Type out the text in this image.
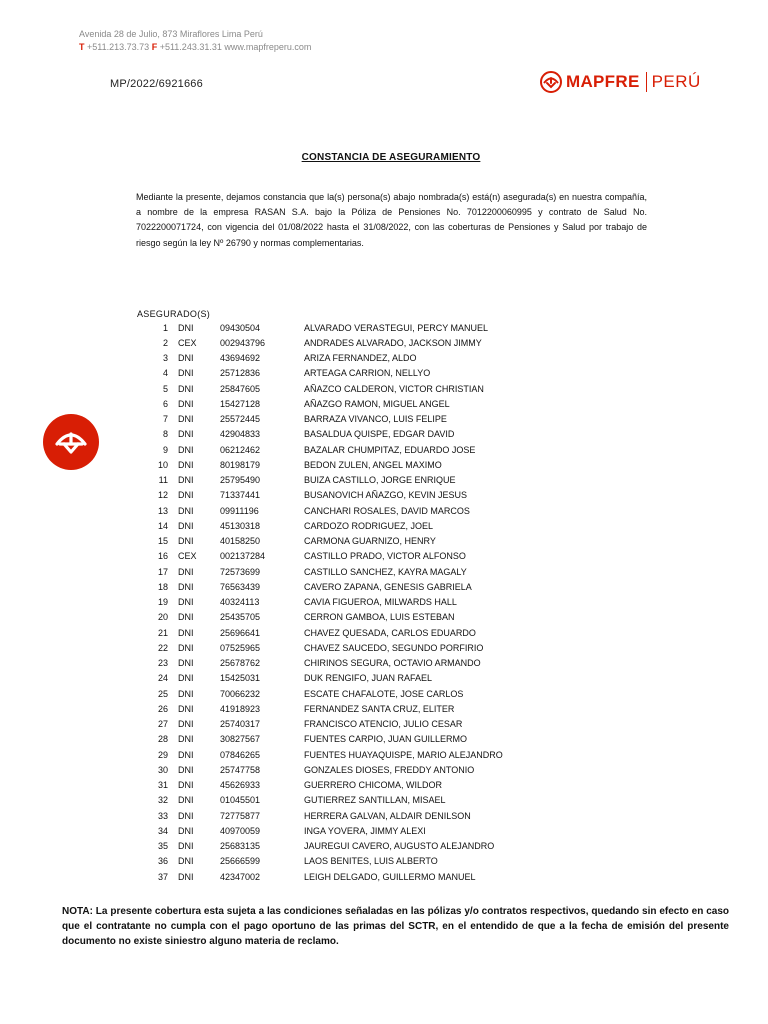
Avenida 28 de Julio, 873 Miraflores Lima Perú
T +511.213.73.73 F +511.243.31.31 www.mapfreperu.com
MP/2022/6921666	MAPFRE PERÚ
CONSTANCIA DE ASEGURAMIENTO
Mediante la presente, dejamos constancia que la(s) persona(s) abajo nombrada(s) está(n) asegurada(s) en nuestra compañía, a nombre de la empresa RASAN S.A. bajo la Póliza de Pensiones No. 7012200060995 y contrato de Salud No. 7022200071724, con vigencia del 01/08/2022 hasta el 31/08/2022, con las coberturas de Pensiones y Salud por trabajo de riesgo según la ley Nº 26790 y normas complementarias.
ASEGURADO(S)
1	DNI	09430504	ALVARADO VERASTEGUI, PERCY MANUEL
2	CEX	002943796	ANDRADES ALVARADO, JACKSON JIMMY
3	DNI	43694692	ARIZA FERNANDEZ, ALDO
4	DNI	25712836	ARTEAGA CARRION, NELLYO
5	DNI	25847605	AÑAZCO CALDERON, VICTOR CHRISTIAN
6	DNI	15427128	AÑAZGO RAMON, MIGUEL ANGEL
7	DNI	25572445	BARRAZA VIVANCO, LUIS FELIPE
8	DNI	42904833	BASALDUA QUISPE, EDGAR DAVID
9	DNI	06212462	BAZALAR CHUMPITAZ, EDUARDO JOSE
10	DNI	80198179	BEDON ZULEN, ANGEL MAXIMO
11	DNI	25795490	BUIZA CASTILLO, JORGE ENRIQUE
12	DNI	71337441	BUSANOVICH AÑAZGO, KEVIN JESUS
13	DNI	09911196	CANCHARI ROSALES, DAVID MARCOS
14	DNI	45130318	CARDOZO RODRIGUEZ, JOEL
15	DNI	40158250	CARMONA GUARNIZO, HENRY
16	CEX	002137284	CASTILLO PRADO, VICTOR ALFONSO
17	DNI	72573699	CASTILLO SANCHEZ, KAYRA MAGALY
18	DNI	76563439	CAVERO ZAPANA, GENESIS GABRIELA
19	DNI	40324113	CAVIA FIGUEROA, MILWARDS HALL
20	DNI	25435705	CERRON GAMBOA, LUIS ESTEBAN
21	DNI	25696641	CHAVEZ QUESADA, CARLOS EDUARDO
22	DNI	07525965	CHAVEZ SAUCEDO, SEGUNDO PORFIRIO
23	DNI	25678762	CHIRINOS SEGURA, OCTAVIO ARMANDO
24	DNI	15425031	DUK RENGIFO, JUAN RAFAEL
25	DNI	70066232	ESCATE CHAFALOTE, JOSE CARLOS
26	DNI	41918923	FERNANDEZ SANTA CRUZ, ELITER
27	DNI	25740317	FRANCISCO ATENCIO, JULIO CESAR
28	DNI	30827567	FUENTES CARPIO, JUAN GUILLERMO
29	DNI	07846265	FUENTES HUAYAQUISPE, MARIO ALEJANDRO
30	DNI	25747758	GONZALES DIOSES, FREDDY ANTONIO
31	DNI	45626933	GUERRERO CHICOMA, WILDOR
32	DNI	01045501	GUTIERREZ SANTILLAN, MISAEL
33	DNI	72775877	HERRERA GALVAN, ALDAIR DENILSON
34	DNI	40970059	INGA YOVERA, JIMMY ALEXI
35	DNI	25683135	JAUREGUI CAVERO, AUGUSTO ALEJANDRO
36	DNI	25666599	LAOS BENITES, LUIS ALBERTO
37	DNI	42347002	LEIGH DELGADO, GUILLERMO MANUEL
NOTA: La presente cobertura esta sujeta a las condiciones señaladas en las pólizas y/o contratos respectivos, quedando sin efecto en caso que el contratante no cumpla con el pago oportuno de las primas del SCTR, en el entendido de que a la fecha de emisión del presente documento no existe siniestro alguno materia de reclamo.
